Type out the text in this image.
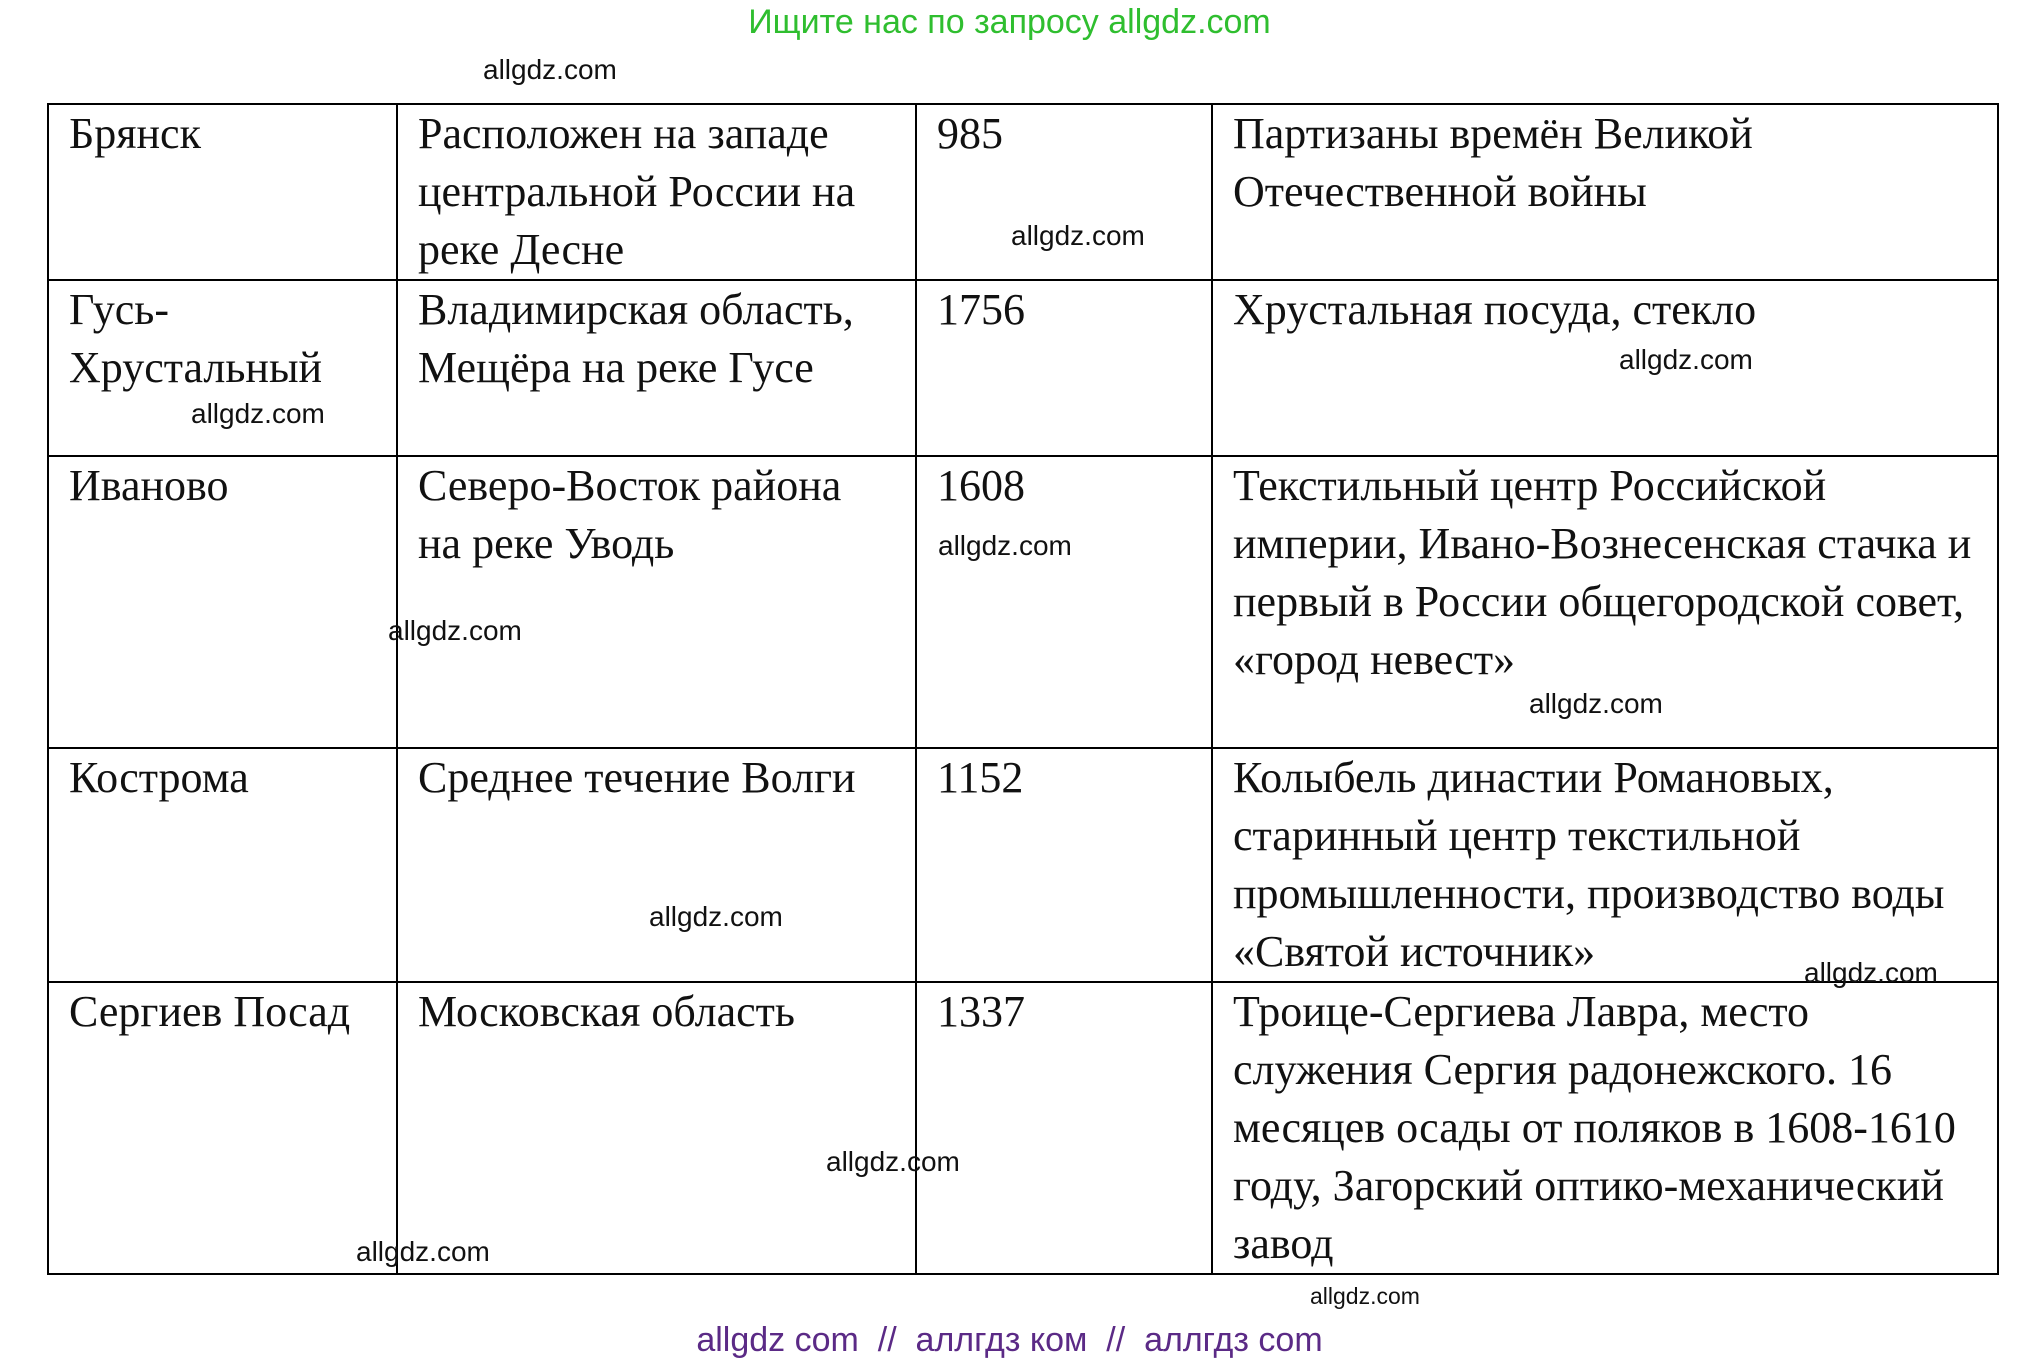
Ищите нас по запросу allgdz.com
Брянск	Расположен на западе центральной России на реке Десне	985	Партизаны времён Великой Отечественной войны
Гусь-Хрустальный	Владимирская область, Мещёра на реке Гусе	1756	Хрустальная посуда, стекло
Иваново	Северо-Восток района на реке Уводь	1608	Текстильный центр Российской империи, Ивано-Вознесенская стачка и первый в России общегородской совет, «город невест»
Кострома	Среднее течение Волги	1152	Колыбель династии Романовых, старинный центр текстильной промышленности, производство воды «Святой источник»
Сергиев Посад	Московская область	1337	Троице-Сергиева Лавра, место служения Сергия радонежского. 16 месяцев осады от поляков в 1608-1610 году, Загорский оптико-механический завод
allgdz.com
allgdz.com
allgdz.com
allgdz.com
allgdz.com
allgdz.com
allgdz.com
allgdz.com
allgdz.com
allgdz.com
allgdz.com
allgdz.com
allgdz com  //  аллгдз ком  //  аллгдз com
